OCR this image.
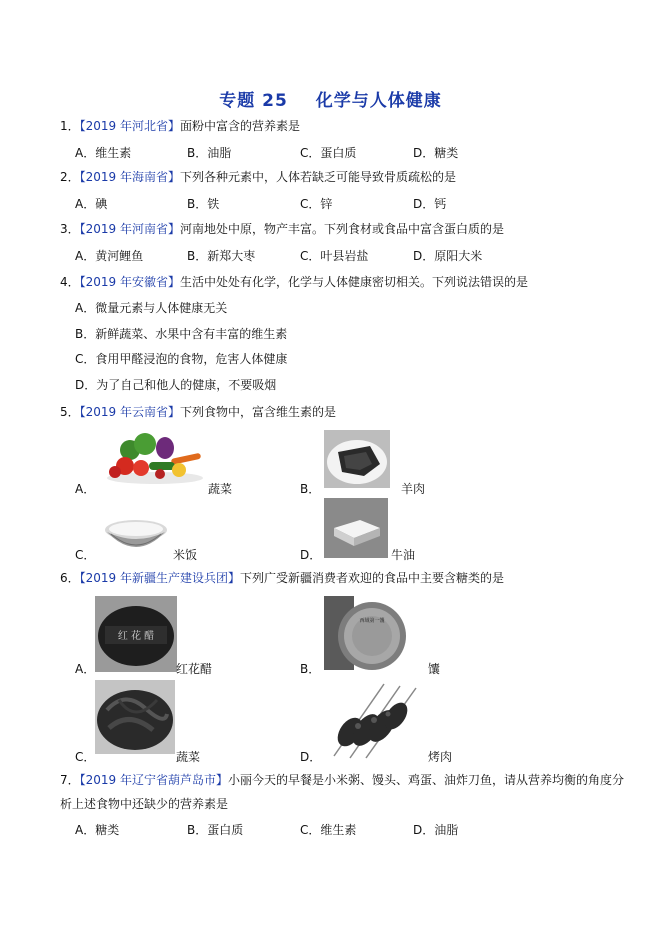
专题 25 化学与人体健康
1．【2019 年河北省】面粉中富含的营养素是
A．维生素	B．油脂	C．蛋白质	D．糖类
2．【2019 年海南省】下列各种元素中，人体若缺乏可能导致骨质疏松的是
A．碘	B．铁	C．锌	D．钙
3．【2019 年河南省】河南地处中原，物产丰富。下列食材或食品中富含蛋白质的是
A．黄河鲤鱼	B．新郑大枣	C．叶县岩盐	D．原阳大米
4．【2019 年安徽省】生活中处处有化学，化学与人体健康密切相关。下列说法错误的是
A．微量元素与人体健康无关
B．新鲜蔬菜、水果中含有丰富的维生素
C．食用甲醛浸泡的食物，危害人体健康
D．为了自己和他人的健康，不要吸烟
5．【2019 年云南省】下列食物中，富含维生素的是
A．	蔬菜	B．	羊肉
C．	米饭	D．	牛油
6．【2019 年新疆生产建设兵团】下列广受新疆消费者欢迎的食品中主要含糖类的是
A．
红 花 醋
红花醋	B．
西域第一馕
馕
C．	蔬菜	D．	烤肉
7．【2019 年辽宁省葫芦岛市】小丽今天的早餐是小米粥、馒头、鸡蛋、油炸刀鱼，请从营养均衡的角度分
析上述食物中还缺少的营养素是
A．糖类	B．蛋白质	C．维生素	D．油脂
